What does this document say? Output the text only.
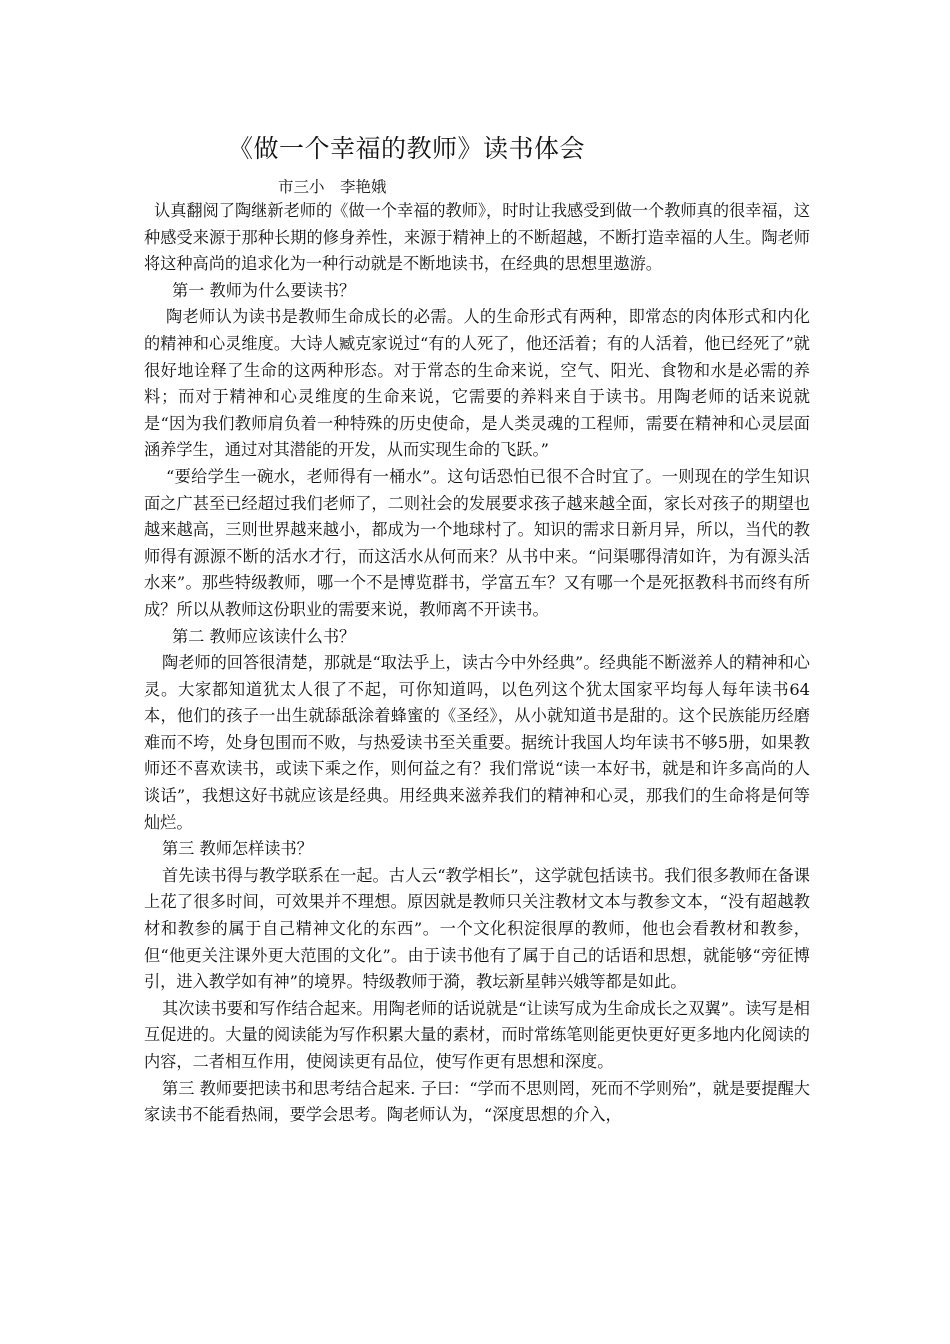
《做一个幸福的教师》读书体会
市三小　李艳娥

认真翻阅了陶继新老师的《做一个幸福的教师》，时时让我感受到做一个教师真的很幸福，这种感受来源于那种长期的修身养性，来源于精神上的不断超越，不断打造幸福的人生。陶老师将这种高尚的追求化为一种行动就是不断地读书，在经典的思想里遨游。

第一 教师为什么要读书？

陶老师认为读书是教师生命成长的必需。人的生命形式有两种，即常态的肉体形式和内化的精神和心灵维度。大诗人臧克家说过“有的人死了，他还活着；有的人活着，他已经死了”就很好地诠释了生命的这两种形态。对于常态的生命来说，空气、阳光、食物和水是必需的养料；而对于精神和心灵维度的生命来说，它需要的养料来自于读书。用陶老师的话来说就是“因为我们教师肩负着一种特殊的历史使命，是人类灵魂的工程师，需要在精神和心灵层面涵养学生，通过对其潜能的开发，从而实现生命的飞跃。”

“要给学生一碗水，老师得有一桶水”。这句话恐怕已很不合时宜了。一则现在的学生知识面之广甚至已经超过我们老师了，二则社会的发展要求孩子越来越全面，家长对孩子的期望也越来越高，三则世界越来越小，都成为一个地球村了。知识的需求日新月异，所以，当代的教师得有源源不断的活水才行，而这活水从何而来？从书中来。“问渠哪得清如许，为有源头活水来”。那些特级教师，哪一个不是博览群书，学富五车？又有哪一个是死抠教科书而终有所成？所以从教师这份职业的需要来说，教师离不开读书。

第二 教师应该读什么书？

陶老师的回答很清楚，那就是“取法乎上，读古今中外经典”。经典能不断滋养人的精神和心灵。大家都知道犹太人很了不起，可你知道吗，以色列这个犹太国家平均每人每年读书64本，他们的孩子一出生就舔舐涂着蜂蜜的《圣经》，从小就知道书是甜的。这个民族能历经磨难而不垮，处身包围而不败，与热爱读书至关重要。据统计我国人均年读书不够5册，如果教师还不喜欢读书，或读下乘之作，则何益之有？我们常说“读一本好书，就是和许多高尚的人谈话”，我想这好书就应该是经典。用经典来滋养我们的精神和心灵，那我们的生命将是何等灿烂。

第三 教师怎样读书？

首先读书得与教学联系在一起。古人云“教学相长”，这学就包括读书。我们很多教师在备课上花了很多时间，可效果并不理想。原因就是教师只关注教材文本与教参文本，“没有超越教材和教参的属于自己精神文化的东西”。一个文化积淀很厚的教师，他也会看教材和教参，但“他更关注课外更大范围的文化”。由于读书他有了属于自己的话语和思想，就能够“旁征博引，进入教学如有神”的境界。特级教师于漪，教坛新星韩兴娥等都是如此。

其次读书要和写作结合起来。用陶老师的话说就是“让读写成为生命成长之双翼”。读写是相互促进的。大量的阅读能为写作积累大量的素材，而时常练笔则能更快更好更多地内化阅读的内容，二者相互作用，使阅读更有品位，使写作更有思想和深度。

第三 教师要把读书和思考结合起来. 子曰：“学而不思则罔，死而不学则殆”，就是要提醒大家读书不能看热闹，要学会思考。陶老师认为，“深度思想的介入，
